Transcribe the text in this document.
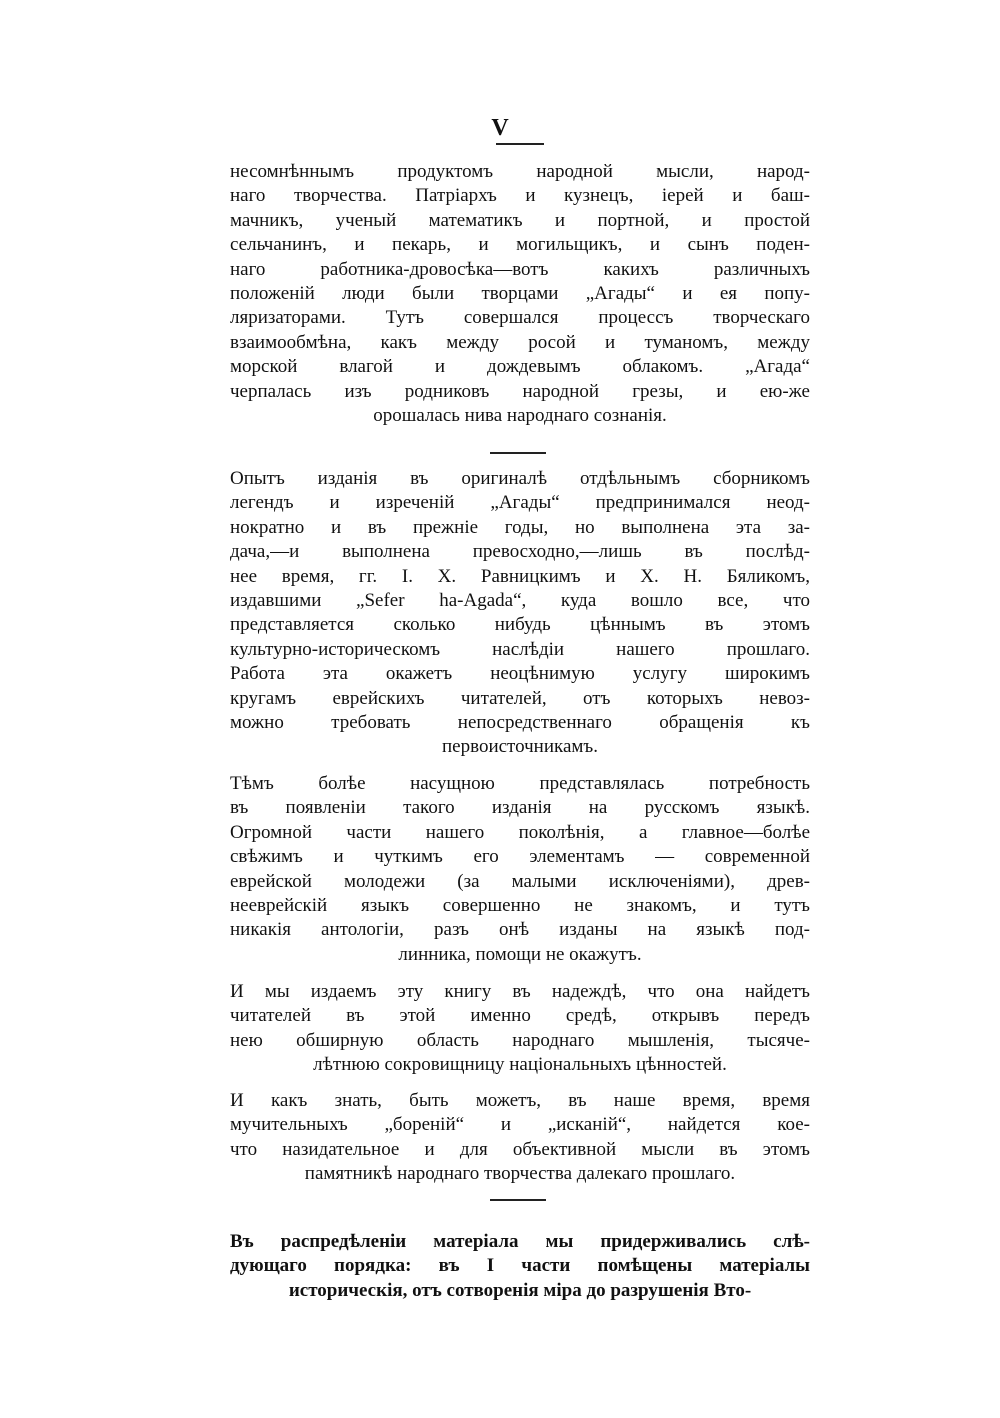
V
несомнѣннымъ продуктомъ народной мысли, народ-
наго творчества. Патріархъ и кузнецъ, іерей и баш-
мачникъ, ученый математикъ и портной, и простой
сельчанинъ, и пекарь, и могильщикъ, и сынъ поден-
наго работника-дровосѣка—вотъ какихъ различныхъ
положеній люди были творцами „Агады“ и ея попу-
ляризаторами. Тутъ совершался процессъ творческаго
взаимообмѣна, какъ между росой и туманомъ, между
морской влагой и дождевымъ облакомъ. „Агада“
черпалась изъ родниковъ народной грезы, и ею-же
орошалась нива народнаго сознанія.
Опытъ изданія въ оригиналѣ отдѣльнымъ сборникомъ
легендъ и изреченій „Агады“ предпринимался неод-
нократно и въ прежніе годы, но выполнена эта за-
дача,—и выполнена превосходно,—лишь въ послѣд-
нее время, гг. I. X. Равницкимъ и X. Н. Бяликомъ,
издавшими „Sefer ha-Agada“, куда вошло все, что
представляется сколько нибудь цѣннымъ въ этомъ
культурно-историческомъ наслѣдіи нашего прошлаго.
Работа эта окажетъ неоцѣнимую услугу широкимъ
кругамъ еврейскихъ читателей, отъ которыхъ невоз-
можно требовать непосредственнаго обращенія къ
первоисточникамъ.
Тѣмъ болѣе насущною представлялась потребность
въ появленіи такого изданія на русскомъ языкѣ.
Огромной части нашего поколѣнія, а главное—болѣе
свѣжимъ и чуткимъ его элементамъ — современной
еврейской молодежи (за малыми исключеніями), древ-
нееврейскій языкъ совершенно не знакомъ, и тутъ
никакія антологіи, разъ онѣ изданы на языкѣ под-
линника, помощи не окажутъ.
И мы издаемъ эту книгу въ надеждѣ, что она найдетъ
читателей въ этой именно средѣ, открывъ передъ
нею обширную область народнаго мышленія, тысяче-
лѣтнюю сокровищницу національныхъ цѣнностей.
И какъ знать, быть можетъ, въ наше время, время
мучительныхъ „бореній“ и „исканій“, найдется кое-
что назидательное и для объективной мысли въ этомъ
памятникѣ народнаго творчества далекаго прошлаго.
Въ распредѣленіи матеріала мы придерживались слѣ-
дующаго порядка: въ I части помѣщены матеріалы
историческія, отъ сотворенія міра до разрушенія Вто-
